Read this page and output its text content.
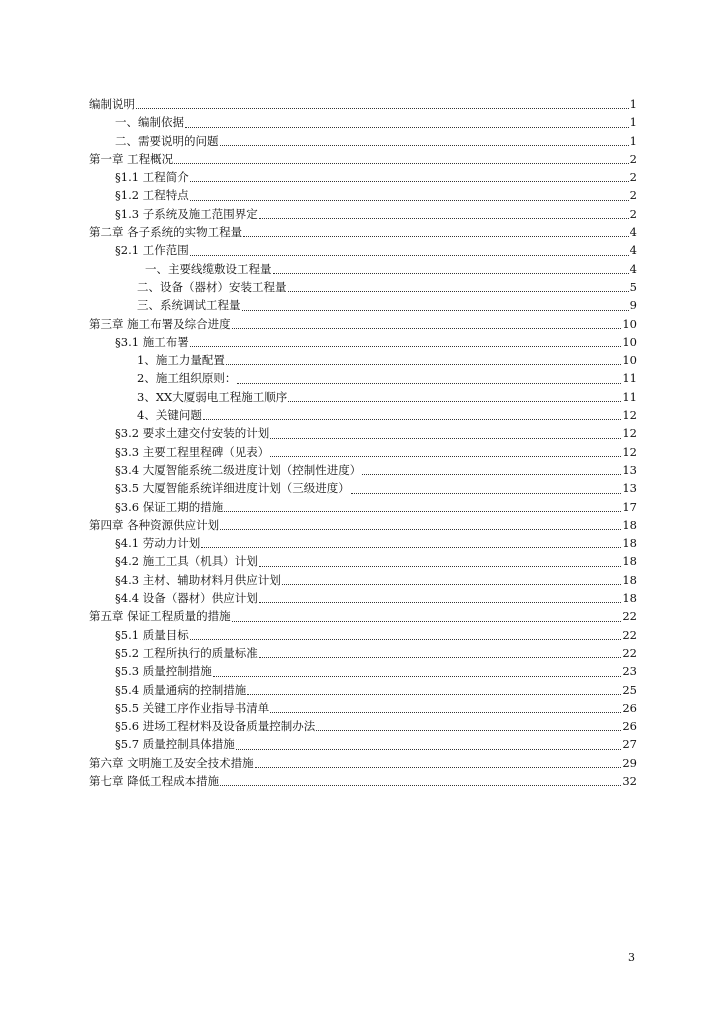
编制说明	1
一、编制依据	1
二、需要说明的问题	1
第一章 工程概况	2
§1.1 工程简介	2
§1.2 工程特点	2
§1.3 子系统及施工范围界定	2
第二章 各子系统的实物工程量	4
§2.1 工作范围	4
一、主要线缆敷设工程量	4
二、设备（器材）安装工程量	5
三、系统调试工程量	9
第三章 施工布署及综合进度	10
§3.1 施工布署	10
1、施工力量配置	10
2、施工组织原则：	11
3、XX大厦弱电工程施工顺序	11
4、关键问题	12
§3.2 要求土建交付安装的计划	12
§3.3 主要工程里程碑（见表）	12
§3.4 大厦智能系统二级进度计划（控制性进度）	13
§3.5 大厦智能系统详细进度计划（三级进度）	13
§3.6 保证工期的措施	17
第四章 各种资源供应计划	18
§4.1 劳动力计划	18
§4.2 施工工具（机具）计划	18
§4.3 主材、辅助材料月供应计划	18
§4.4 设备（器材）供应计划	18
第五章 保证工程质量的措施	22
§5.1 质量目标	22
§5.2 工程所执行的质量标准	22
§5.3 质量控制措施	23
§5.4 质量通病的控制措施	25
§5.5 关键工序作业指导书清单	26
§5.6 进场工程材料及设备质量控制办法	26
§5.7 质量控制具体措施	27
第六章 文明施工及安全技术措施	29
第七章 降低工程成本措施	32
3
